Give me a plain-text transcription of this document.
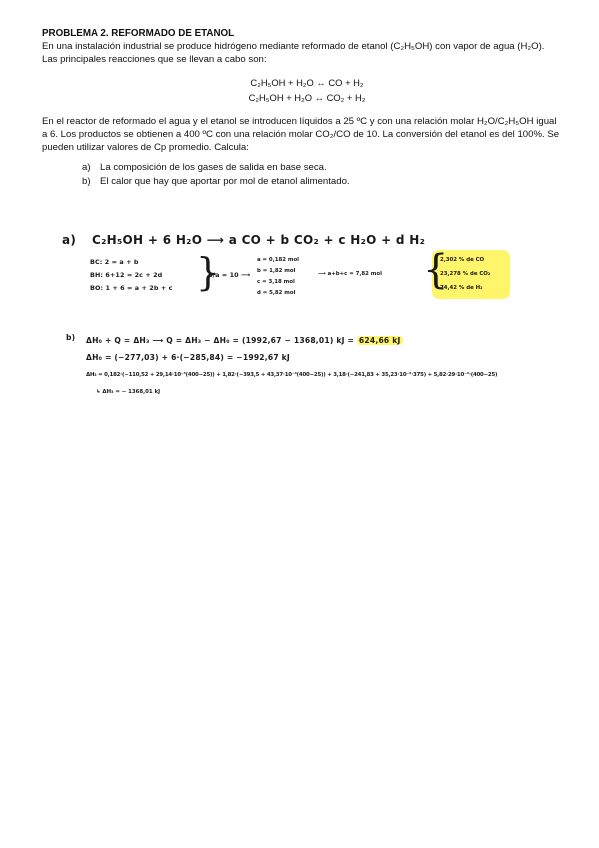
PROBLEMA 2. REFORMADO DE ETANOL

En una instalación industrial se produce hidrógeno mediante reformado de etanol (C₂H₅OH) con vapor de agua (H₂O). Las principales reacciones que se llevan a cabo son:

C₂H₅OH + H₂O ↔ CO + H₂
C₂H₅OH + H₂O ↔ CO₂ + H₂

En el reactor de reformado el agua y el etanol se introducen líquidos a 25 ºC y con una relación molar H₂O/C₂H₅OH igual a 6. Los productos se obtienen a 400 ºC con una relación molar CO₂/CO de 10. La conversión del etanol es del 100%. Se pueden utilizar valores de Cp promedio. Calcula:

a) La composición de los gases de salida en base seca.
b) El calor que hay que aportar por mol de etanol alimentado.
a) C₂H₅OH + 6 H₂O ⟶ a CO + b CO₂ + c H₂O + d H₂
BC: 2 = a + b
BH: 6+12 = 2c + 2d
BO: 1 + 6 = a + 2b + c }
b/a = 10 ⟶
a = 0,182 mol
b = 1,82 mol
c = 3,18 mol
d = 5,82 mol
⟶ a+b+c = 7,82 mol {
2,302 % de CO
23,278 % de CO₂
74,42 % de H₂
b) ΔH₀ + Q = ΔH₃ ⟶ Q = ΔH₃ − ΔH₀ = (1992,67 − 1368,01) kJ = 624,66 kJ
ΔH₀ = (−277,03) + 6·(−285,84) = −1992,67 kJ
ΔH₃ = 0,182·(−110,52 + 29,14·10⁻³(400−25)) + 1,82·(−393,5 + 43,37·10⁻³(400−25)) + 3,18·(−241,83 + 35,23·10⁻³·375) + 5,82·29·10⁻³·(400−25)
↳ ΔH₃ = − 1368,01 kJ
